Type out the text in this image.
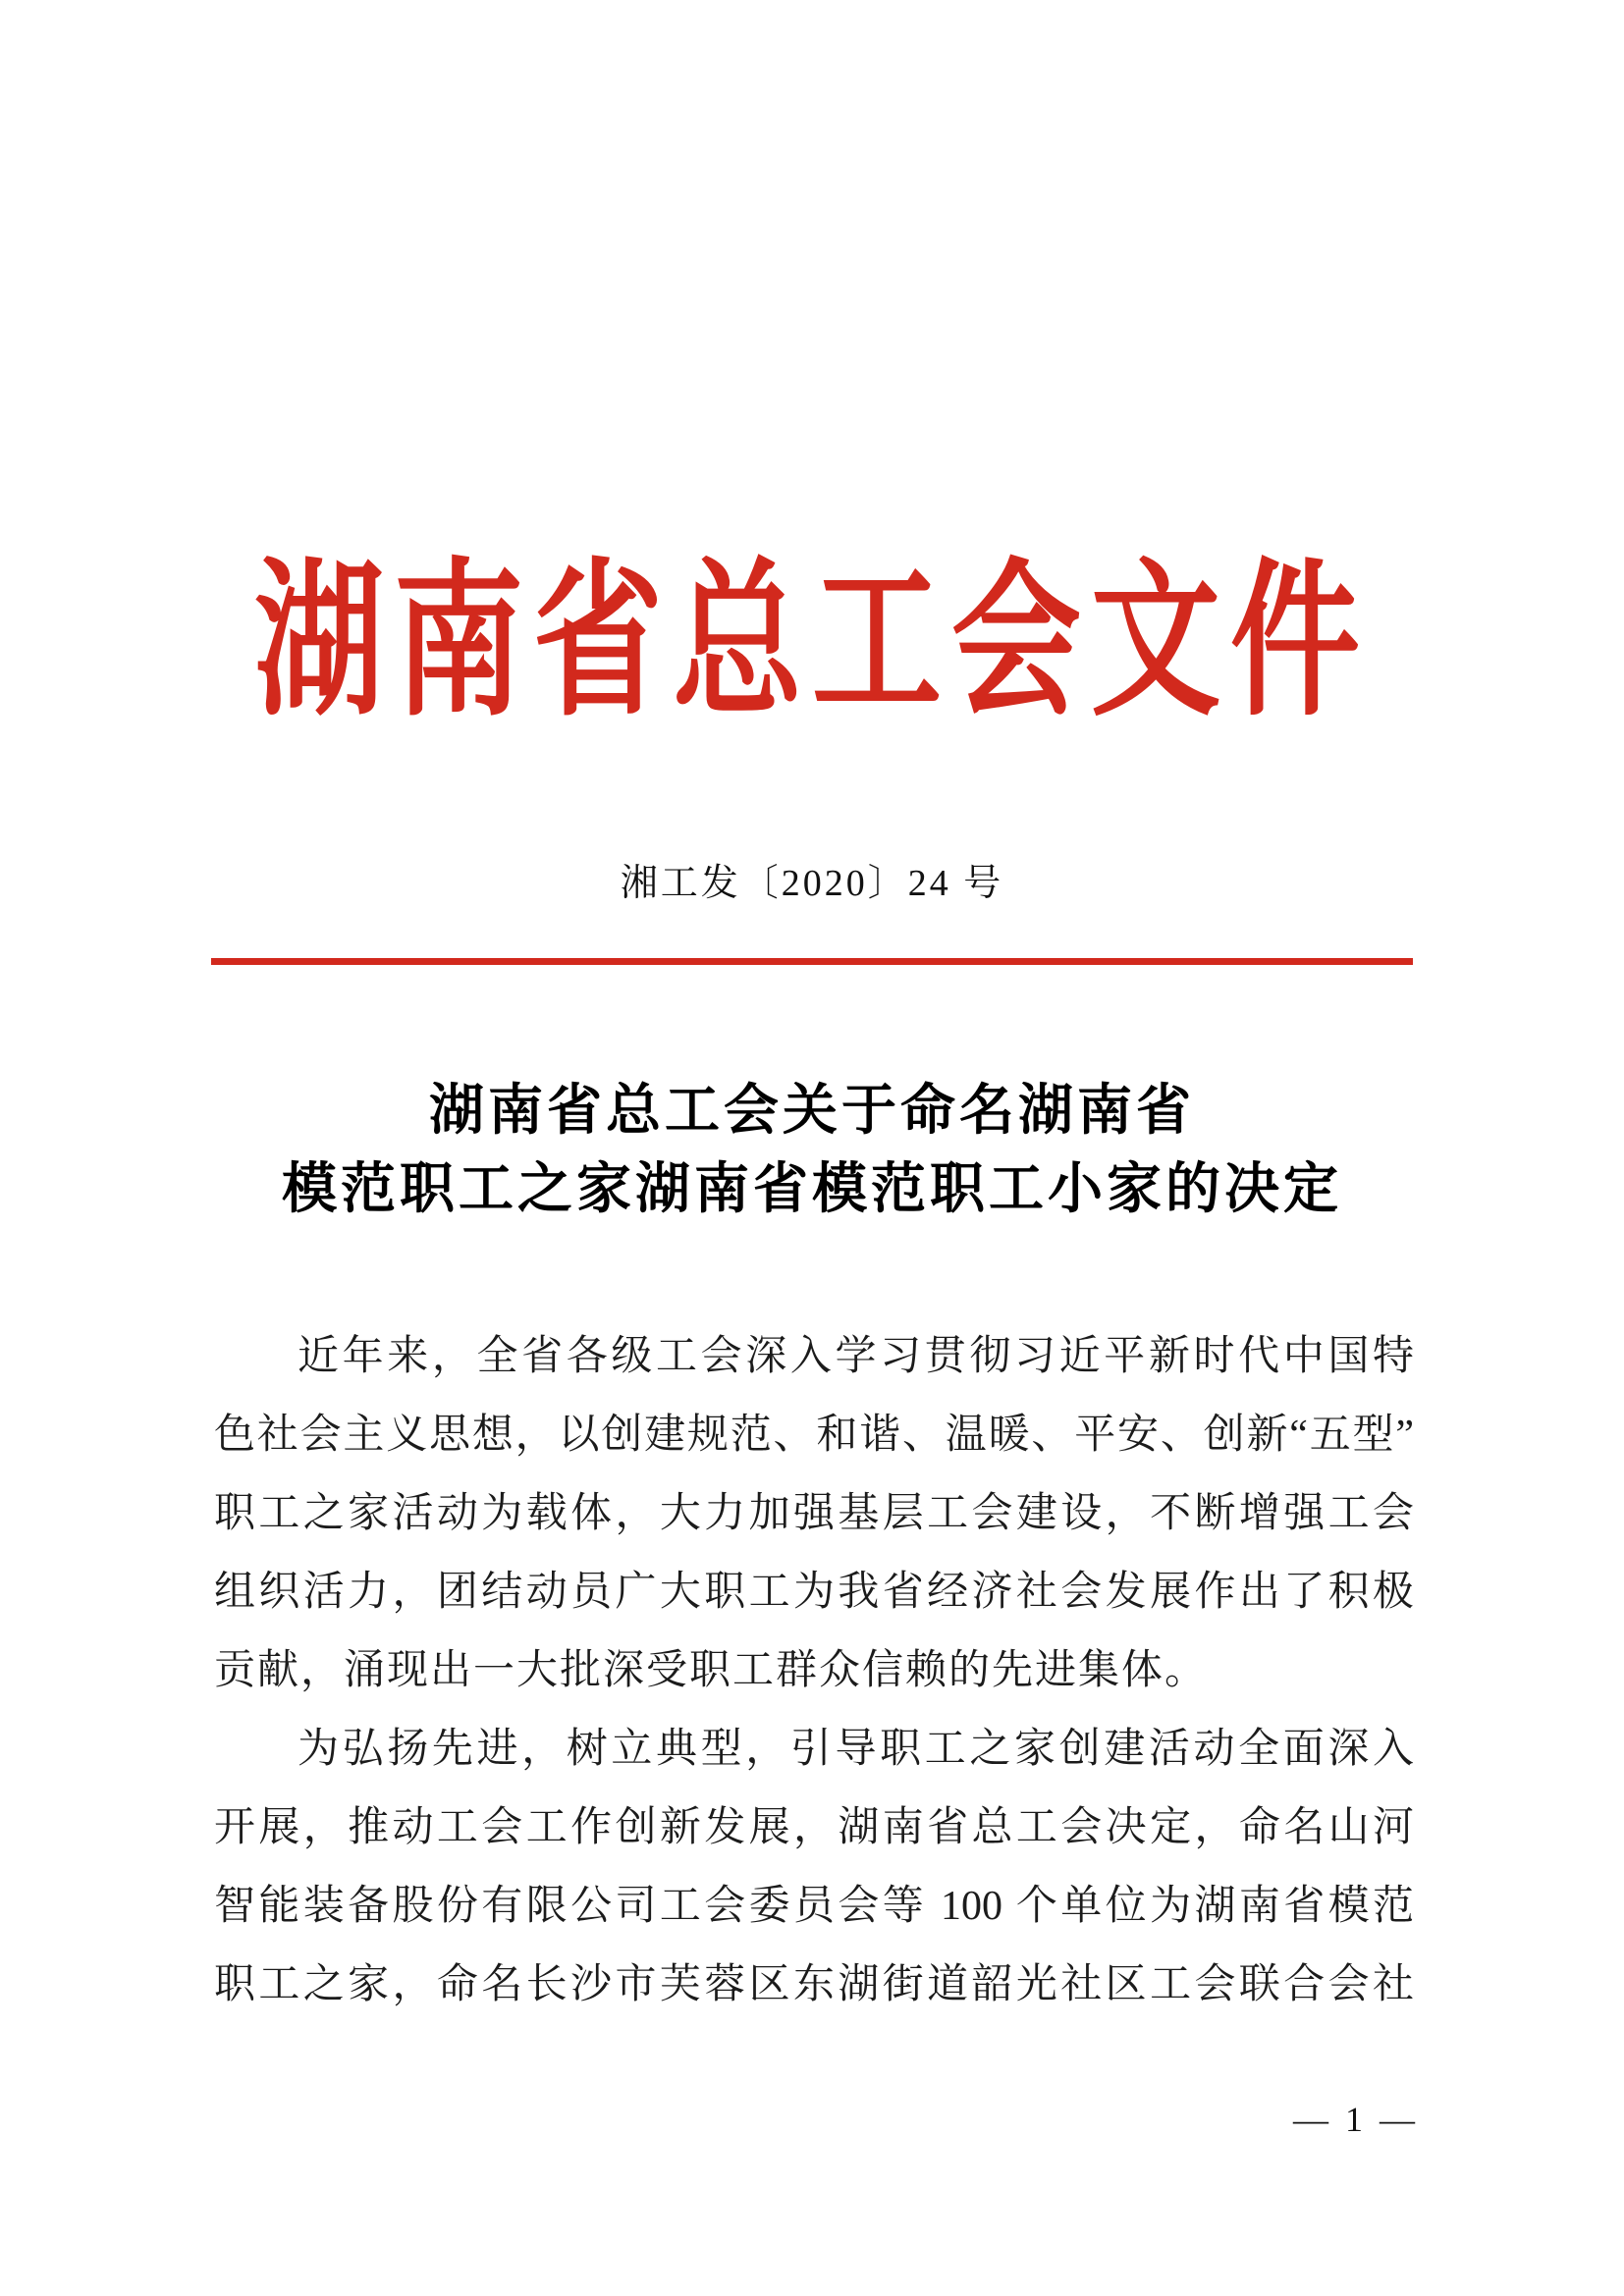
湖南省总工会文件
湘工发〔2020〕24 号
湖南省总工会关于命名湖南省
模范职工之家湖南省模范职工小家的决定
近年来，全省各级工会深入学习贯彻习近平新时代中国特
色社会主义思想，以创建规范、和谐、温暖、平安、创新“五型”
职工之家活动为载体，大力加强基层工会建设，不断增强工会
组织活力，团结动员广大职工为我省经济社会发展作出了积极
贡献，涌现出一大批深受职工群众信赖的先进集体。
为弘扬先进，树立典型，引导职工之家创建活动全面深入
开展，推动工会工作创新发展，湖南省总工会决定，命名山河
智能装备股份有限公司工会委员会等 100 个单位为湖南省模范
职工之家，命名长沙市芙蓉区东湖街道韶光社区工会联合会社
— 1 —
